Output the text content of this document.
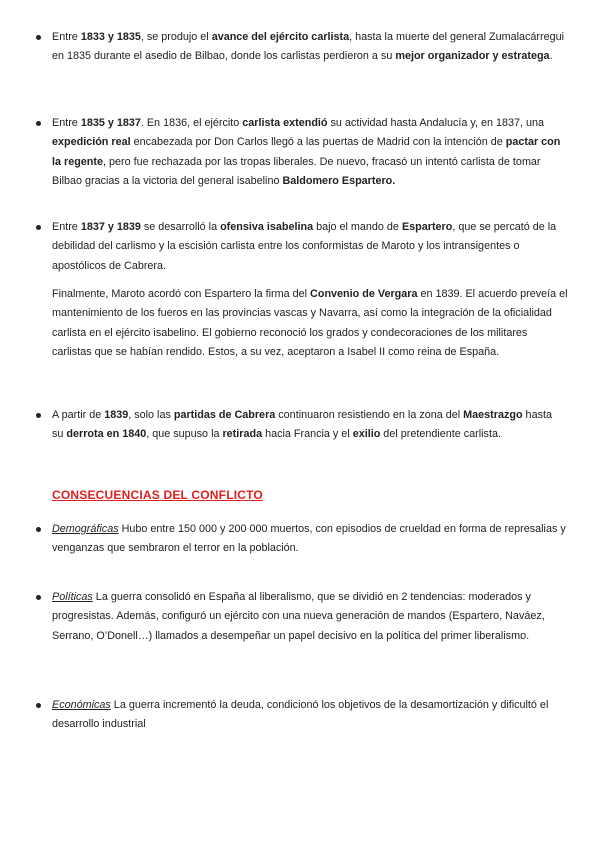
Entre 1833 y 1835, se produjo el avance del ejército carlista, hasta la muerte del general Zumalacárregui en 1835 durante el asedio de Bilbao, donde los carlistas perdieron a su mejor organizador y estratega.
Entre 1835 y 1837. En 1836, el ejército carlista extendió su actividad hasta Andalucía y, en 1837, una expedición real encabezada por Don Carlos llegó a las puertas de Madrid con la intención de pactar con la regente, pero fue rechazada por las tropas liberales. De nuevo, fracasó un intentó carlista de tomar Bilbao gracias a la victoria del general isabelino Baldomero Espartero.
Entre 1837 y 1839 se desarrolló la ofensiva isabelina bajo el mando de Espartero, que se percató de la debilidad del carlismo y la escisión carlista entre los conformistas de Maroto y los intransigentes o apostólicos de Cabrera.
Finalmente, Maroto acordó con Espartero la firma del Convenio de Vergara en 1839. El acuerdo preveía el mantenimiento de los fueros en las provincias vascas y Navarra, así como la integración de la oficialidad carlista en el ejército isabelino. El gobierno reconoció los grados y condecoraciones de los militares carlistas que se habían rendido. Estos, a su vez, aceptaron a Isabel II como reina de España.
A partir de 1839, solo las partidas de Cabrera continuaron resistiendo en la zona del Maestrazgo hasta su derrota en 1840, que supuso la retirada hacia Francia y el exilio del pretendiente carlista.
CONSECUENCIAS DEL CONFLICTO
Demográficas Hubo entre 150 000 y 200 000 muertos, con episodios de crueldad en forma de represalias y venganzas que sembraron el terror en la población.
Políticas La guerra consolidó en España al liberalismo, que se dividió en 2 tendencias: moderados y progresistas. Además, configuró un ejército con una nueva generación de mandos (Espartero, Naváez, Serrano, O’Donell…) llamados a desempeñar un papel decisivo en la política del primer liberalismo.
Económicas La guerra incrementó la deuda, condicionó los objetivos de la desamortización y dificultó el desarrollo industrial
